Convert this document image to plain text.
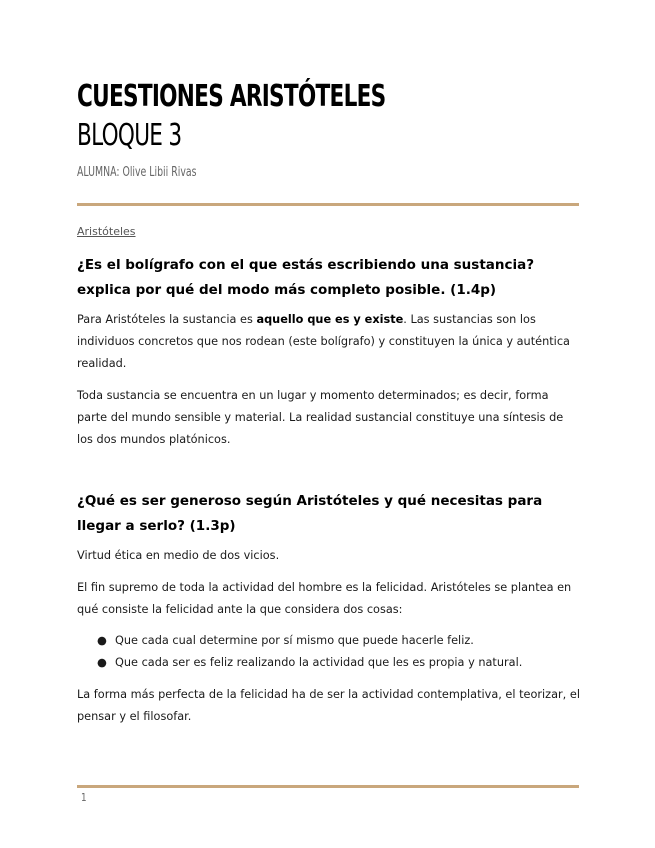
CUESTIONES ARISTÓTELES
BLOQUE 3
ALUMNA: Olive Libii Rivas
Aristóteles

¿Es el bolígrafo con el que estás escribiendo una sustancia? explica por qué del modo más completo posible. (1.4p)

Para Aristóteles la sustancia es aquello que es y existe. Las sustancias son los individuos concretos que nos rodean (este bolígrafo) y constituyen la única y auténtica realidad.

Toda sustancia se encuentra en un lugar y momento determinados; es decir, forma parte del mundo sensible y material. La realidad sustancial constituye una síntesis de los dos mundos platónicos.

¿Qué es ser generoso según Aristóteles y qué necesitas para llegar a serlo? (1.3p)

Virtud ética en medio de dos vicios.

El fin supremo de toda la actividad del hombre es la felicidad. Aristóteles se plantea en qué consiste la felicidad ante la que considera dos cosas:

● Que cada cual determine por sí mismo que puede hacerle feliz.
● Que cada ser es feliz realizando la actividad que les es propia y natural.

La forma más perfecta de la felicidad ha de ser la actividad contemplativa, el teorizar, el pensar y el filosofar.

1
